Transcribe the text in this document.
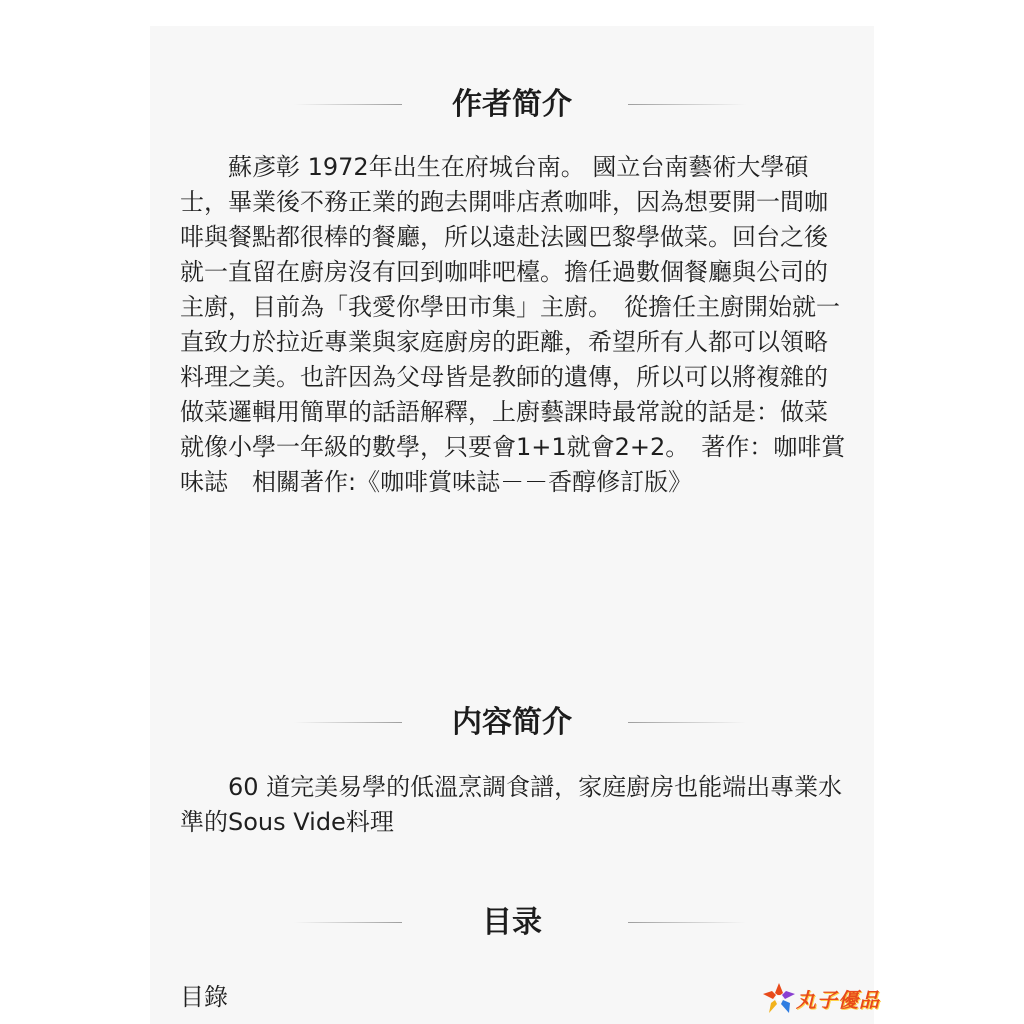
作者简介

蘇彥彰 1972年出生在府城台南。 國立台南藝術大學碩士，畢業後不務正業的跑去開啡店煮咖啡，因為想要開一間咖啡與餐點都很棒的餐廳，所以遠赴法國巴黎學做菜。回台之後就一直留在廚房沒有回到咖啡吧檯。擔任過數個餐廳與公司的主廚，目前為「我愛你學田市集」主廚。　從擔任主廚開始就一直致力於拉近專業與家庭廚房的距離，希望所有人都可以領略料理之美。也許因為父母皆是教師的遺傳，所以可以將複雜的做菜邏輯用簡單的話語解釋，上廚藝課時最常說的話是：做菜就像小學一年級的數學，只要會1+1就會2+2。　著作：咖啡賞味誌　相關著作:《咖啡賞味誌－－香醇修訂版》

内容简介

60 道完美易學的低溫烹調食譜，家庭廚房也能端出專業水準的Sous Vide料理

目录

目錄	丸子優品
